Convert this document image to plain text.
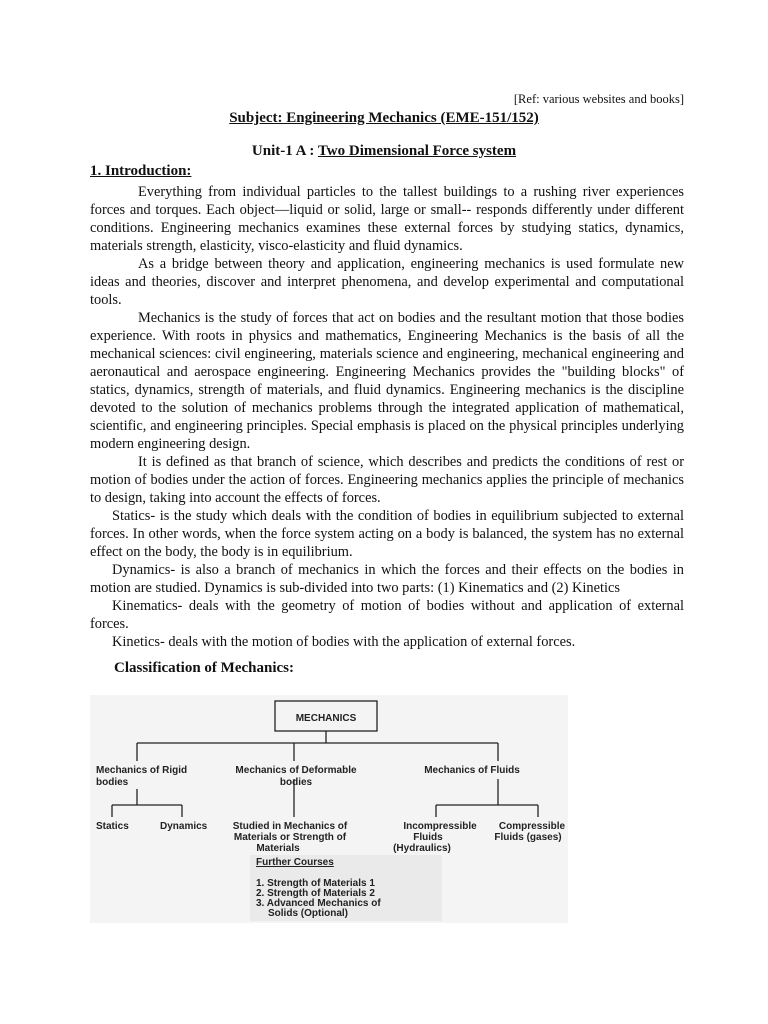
[Ref: various websites and books]
Subject: Engineering Mechanics (EME-151/152)
Unit-1 A : Two Dimensional Force system
1. Introduction:

Everything from individual particles to the tallest buildings to a rushing river experiences forces and torques. Each object—liquid or solid, large or small-- responds differently under different conditions. Engineering mechanics examines these external forces by studying statics, dynamics, materials strength, elasticity, visco-elasticity and fluid dynamics.

As a bridge between theory and application, engineering mechanics is used formulate new ideas and theories, discover and interpret phenomena, and develop experimental and computational tools.

Mechanics is the study of forces that act on bodies and the resultant motion that those bodies experience. With roots in physics and mathematics, Engineering Mechanics is the basis of all the mechanical sciences: civil engineering, materials science and engineering, mechanical engineering and aeronautical and aerospace engineering. Engineering Mechanics provides the "building blocks" of statics, dynamics, strength of materials, and fluid dynamics. Engineering mechanics is the discipline devoted to the solution of mechanics problems through the integrated application of mathematical, scientific, and engineering principles. Special emphasis is placed on the physical principles underlying modern engineering design.

It is defined as that branch of science, which describes and predicts the conditions of rest or motion of bodies under the action of forces. Engineering mechanics applies the principle of mechanics to design, taking into account the effects of forces.

Statics- is the study which deals with the condition of bodies in equilibrium subjected to external forces. In other words, when the force system acting on a body is balanced, the system has no external effect on the body, the body is in equilibrium.

Dynamics- is also a branch of mechanics in which the forces and their effects on the bodies in motion are studied. Dynamics is sub-divided into two parts: (1) Kinematics and (2) Kinetics

Kinematics- deals with the geometry of motion of bodies without and application of external forces.

Kinetics- deals with the motion of bodies with the application of external forces.

Classification of Mechanics:
MECHANICS
Mechanics of Rigid
bodies
Mechanics of Deformable
bodies
Mechanics of Fluids
Statics	Dynamics	Studied in Mechanics of
Materials or Strength of
Materials
Incompressible
Fluids
(Hydraulics)
Compressible
Fluids (gases)
Further Courses
1. Strength of Materials 1
2. Strength of Materials 2
3. Advanced Mechanics of
Solids (Optional)
